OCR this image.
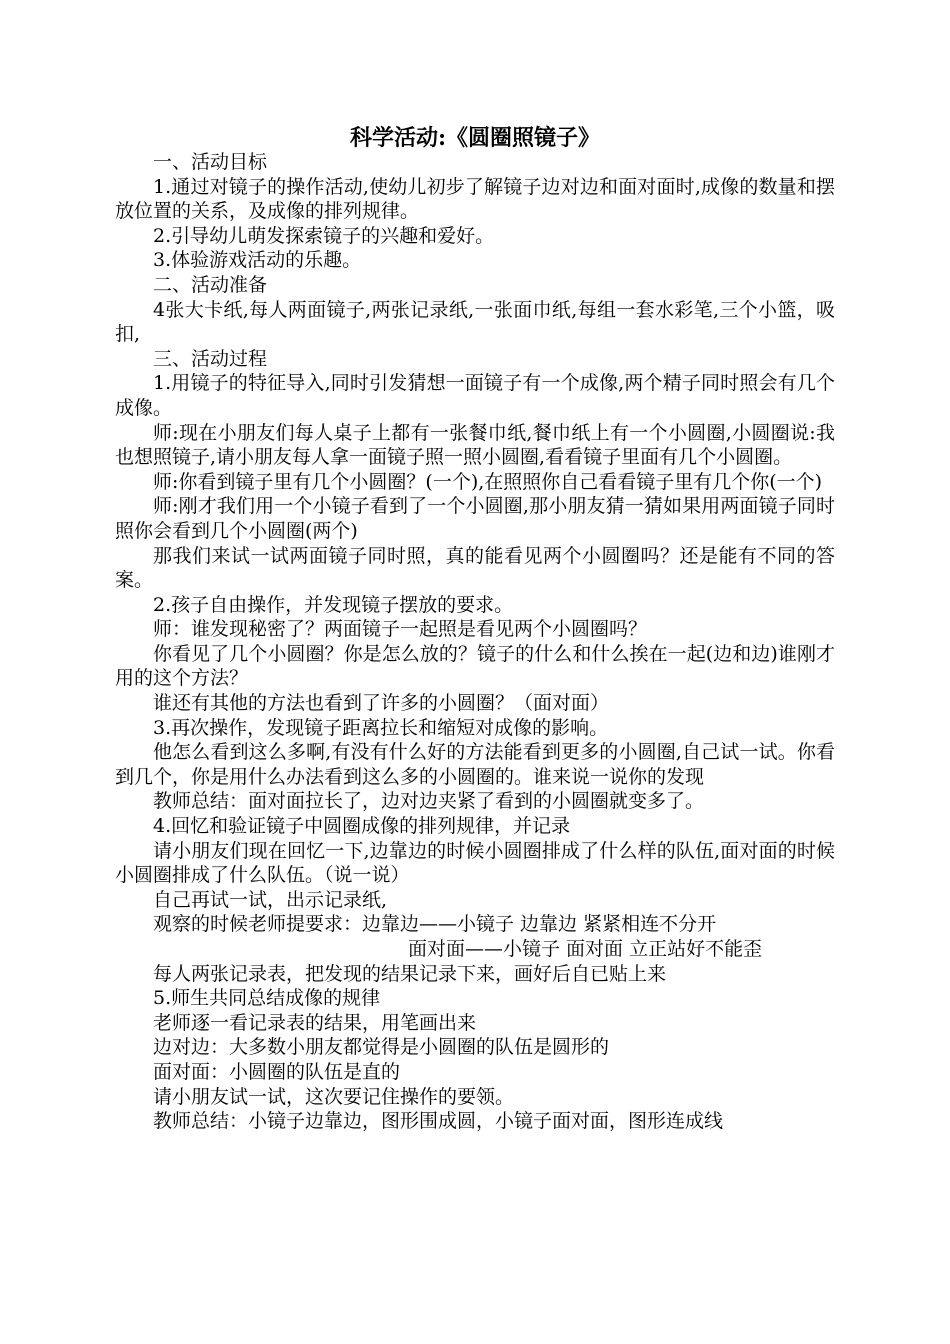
科学活动:《圆圈照镜子》

一、活动目标

1.通过对镜子的操作活动,使幼儿初步了解镜子边对边和面对面时,成像的数量和摆放位置的关系，及成像的排列规律。

2.引导幼儿萌发探索镜子的兴趣和爱好。

3.体验游戏活动的乐趣。

二、活动准备

4张大卡纸,每人两面镜子,两张记录纸,一张面巾纸,每组一套水彩笔,三个小篮，吸扣,

三、活动过程

1.用镜子的特征导入,同时引发猜想一面镜子有一个成像,两个精子同时照会有几个成像。

师:现在小朋友们每人桌子上都有一张餐巾纸,餐巾纸上有一个小圆圈,小圆圈说:我也想照镜子,请小朋友每人拿一面镜子照一照小圆圈,看看镜子里面有几个小圆圈。

师:你看到镜子里有几个小圆圈？(一个),在照照你自己看看镜子里有几个你(一个)

师:刚才我们用一个小镜子看到了一个小圆圈,那小朋友猜一猜如果用两面镜子同时照你会看到几个小圆圈(两个)

那我们来试一试两面镜子同时照，真的能看见两个小圆圈吗？还是能有不同的答案。

2.孩子自由操作，并发现镜子摆放的要求。

师：谁发现秘密了？两面镜子一起照是看见两个小圆圈吗？

你看见了几个小圆圈？你是怎么放的？镜子的什么和什么挨在一起(边和边)谁刚才用的这个方法？

谁还有其他的方法也看到了许多的小圆圈？（面对面）

3.再次操作，发现镜子距离拉长和缩短对成像的影响。

他怎么看到这么多啊,有没有什么好的方法能看到更多的小圆圈,自己试一试。你看到几个，你是用什么办法看到这么多的小圆圈的。谁来说一说你的发现

教师总结：面对面拉长了，边对边夹紧了看到的小圆圈就变多了。

4.回忆和验证镜子中圆圈成像的排列规律，并记录

请小朋友们现在回忆一下,边靠边的时候小圆圈排成了什么样的队伍,面对面的时候小圆圈排成了什么队伍。（说一说）

自己再试一试，出示记录纸,

观察的时候老师提要求：边靠边——小镜子 边靠边 紧紧相连不分开

面对面——小镜子 面对面 立正站好不能歪

每人两张记录表，把发现的结果记录下来，画好后自已贴上来

5.师生共同总结成像的规律

老师逐一看记录表的结果，用笔画出来

边对边：大多数小朋友都觉得是小圆圈的队伍是圆形的

面对面：小圆圈的队伍是直的

请小朋友试一试，这次要记住操作的要领。

教师总结：小镜子边靠边，图形围成圆，小镜子面对面，图形连成线
